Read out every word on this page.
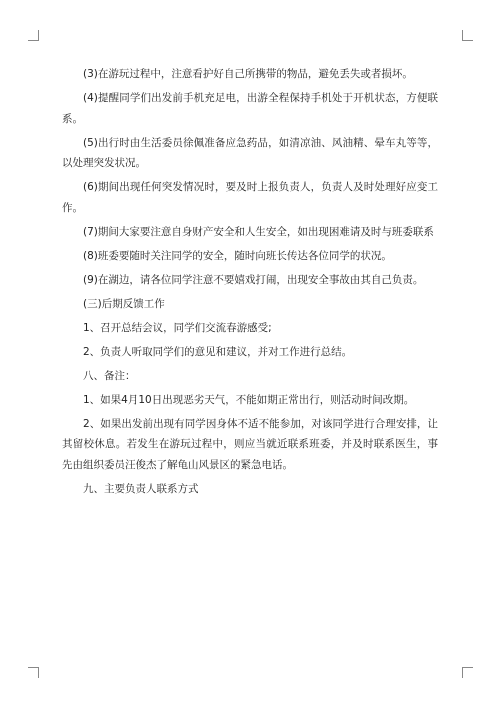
(3)在游玩过程中，注意看护好自己所携带的物品，避免丢失或者损坏。

(4)提醒同学们出发前手机充足电，出游全程保持手机处于开机状态，方便联系。

(5)出行时由生活委员徐佩准备应急药品，如清凉油、风油精、晕车丸等等，以处理突发状况。

(6)期间出现任何突发情况时，要及时上报负责人，负责人及时处理好应变工作。

(7)期间大家要注意自身财产安全和人生安全，如出现困难请及时与班委联系

(8)班委要随时关注同学的安全，随时向班长传达各位同学的状况。

(9)在湖边，请各位同学注意不要嬉戏打闹，出现安全事故由其自己负责。

(三)后期反馈工作

1、召开总结会议，同学们交流春游感受;

2、负责人听取同学们的意见和建议，并对工作进行总结。

八、备注：

1、如果4月10日出现恶劣天气，不能如期正常出行，则活动时间改期。

2、如果出发前出现有同学因身体不适不能参加，对该同学进行合理安排，让其留校休息。若发生在游玩过程中，则应当就近联系班委，并及时联系医生，事先由组织委员汪俊杰了解龟山风景区的紧急电话。

九、主要负责人联系方式
